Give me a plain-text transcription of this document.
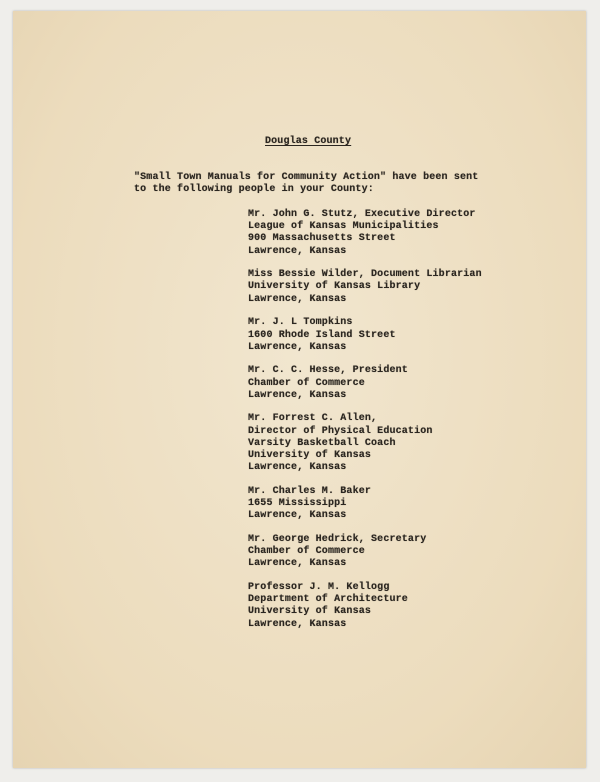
Douglas County
"Small Town Manuals for Community Action" have been sent
to the following people in your County:
Mr. John G. Stutz, Executive Director
League of Kansas Municipalities
900 Massachusetts Street
Lawrence, Kansas
Miss Bessie Wilder, Document Librarian
University of Kansas Library
Lawrence, Kansas
Mr. J. L Tompkins
1600 Rhode Island Street
Lawrence, Kansas
Mr. C. C. Hesse, President
Chamber of Commerce
Lawrence, Kansas
Mr. Forrest C. Allen,
Director of Physical Education
Varsity Basketball Coach
University of Kansas
Lawrence, Kansas
Mr. Charles M. Baker
1655 Mississippi
Lawrence, Kansas
Mr. George Hedrick, Secretary
Chamber of Commerce
Lawrence, Kansas
Professor J. M. Kellogg
Department of Architecture
University of Kansas
Lawrence, Kansas
